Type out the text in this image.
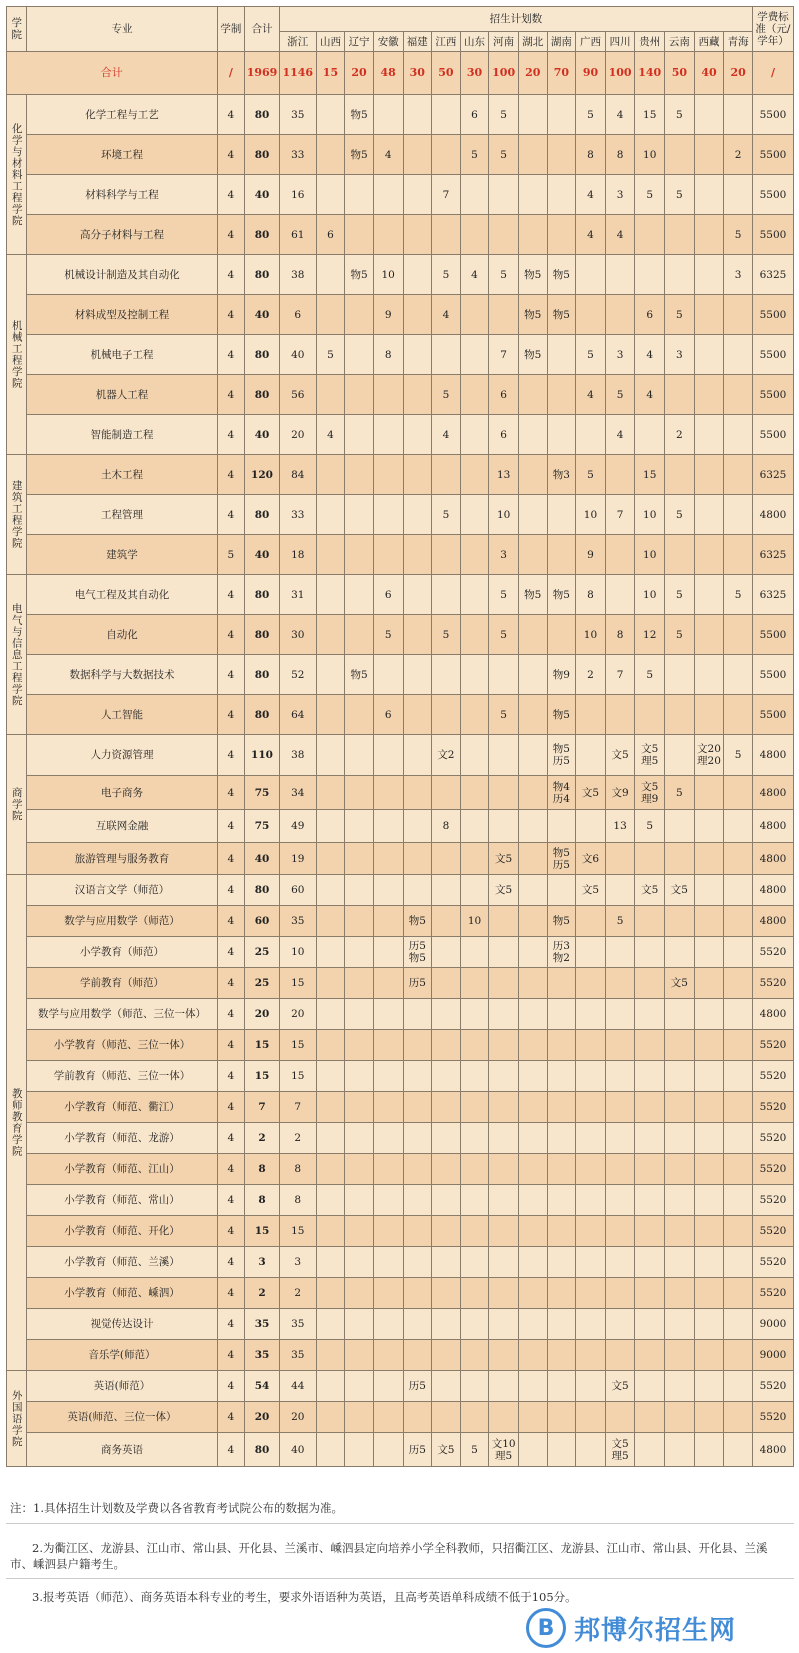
学院	专业	学制	合计	招生计划数																学费标准（元/学年）
				浙江	山西	辽宁	安徽	福建	江西	山东	河南	湖北	湖南	广西	四川	贵州	云南	西藏	青海	
合计		/	1969	1146	15	20	48	30	50	30	100	20	70	90	100	140	50	40	20	/
化学与材料工程学院	化学工程与工艺	4	80	35		物5				6	5			5	4	15	5			5500
	环境工程	4	80	33		物5	4			5	5			8	8	10			2	5500
	材料科学与工程	4	40	16					7					4	3	5	5			5500
	高分子材料与工程	4	80	61	6									4	4				5	5500
机械工程学院	机械设计制造及其自动化	4	80	38		物5	10		5	4	5	物5	物5						3	6325
	材料成型及控制工程	4	40	6			9		4			物5	物5			6	5			5500
	机械电子工程	4	80	40	5		8				7	物5		5	3	4	3			5500
	机器人工程	4	80	56					5		6			4	5	4				5500
	智能制造工程	4	40	20	4				4		6				4		2			5500
建筑工程学院	土木工程	4	120	84							13		物3	5		15				6325
	工程管理	4	80	33					5		10			10	7	10	5			4800
	建筑学	5	40	18							3			9		10				6325
电气与信息工程学院	电气工程及其自动化	4	80	31			6				5	物5	物5	8		10	5		5	6325
	自动化	4	80	30			5		5		5			10	8	12	5			5500
	数据科学与大数据技术	4	80	52		物5							物9	2	7	5				5500
	人工智能	4	80	64			6				5		物5							5500
商学院	人力资源管理	4	110	38					文2				物5 历5		文5	文5 理5		文20 理20	5	4800
	电子商务	4	75	34									物4 历4	文5	文9	文5 理9	5			4800
	互联网金融	4	75	49					8						13	5				4800
	旅游管理与服务教育	4	40	19							文5		物5 历5	文6						4800
教师教育学院	汉语言文学（师范）	4	80	60							文5			文5		文5	文5			4800
	数学与应用数学（师范）	4	60	35				物5		10			物5		5					4800
	小学教育（师范）	4	25	10				历5 物5					历3 物2							5520
	学前教育（师范）	4	25	15				历5									文5			5520
	数学与应用数学（师范、三位一体）	4	20	20																4800
	小学教育（师范、三位一体）	4	15	15																5520
	学前教育（师范、三位一体）	4	15	15																5520
	小学教育（师范、衢江）	4	7	7																5520
	小学教育（师范、龙游）	4	2	2																5520
	小学教育（师范、江山）	4	8	8																5520
	小学教育（师范、常山）	4	8	8																5520
	小学教育（师范、开化）	4	15	15																5520
	小学教育（师范、兰溪）	4	3	3																5520
	小学教育（师范、嵊泗）	4	2	2																5520
	视觉传达设计	4	35	35																9000
	音乐学(师范）	4	35	35																9000
外国语学院	英语(师范）	4	54	44				历5							文5					5520
	英语(师范、三位一体）	4	20	20																5520
	商务英语	4	80	40				历5	文5	5	文10 理5				文5 理5					4800

注：1.具体招生计划数及学费以各省教育考试院公布的数据为准。

2.为衢江区、龙游县、江山市、常山县、开化县、兰溪市、嵊泗县定向培养小学全科教师，只招衢江区、龙游县、江山市、常山县、开化县、兰溪市、嵊泗县户籍考生。

3.报考英语（师范）、商务英语本科专业的考生，要求外语语种为英语，且高考英语单科成绩不低于105分。

B 邦博尔招生网
